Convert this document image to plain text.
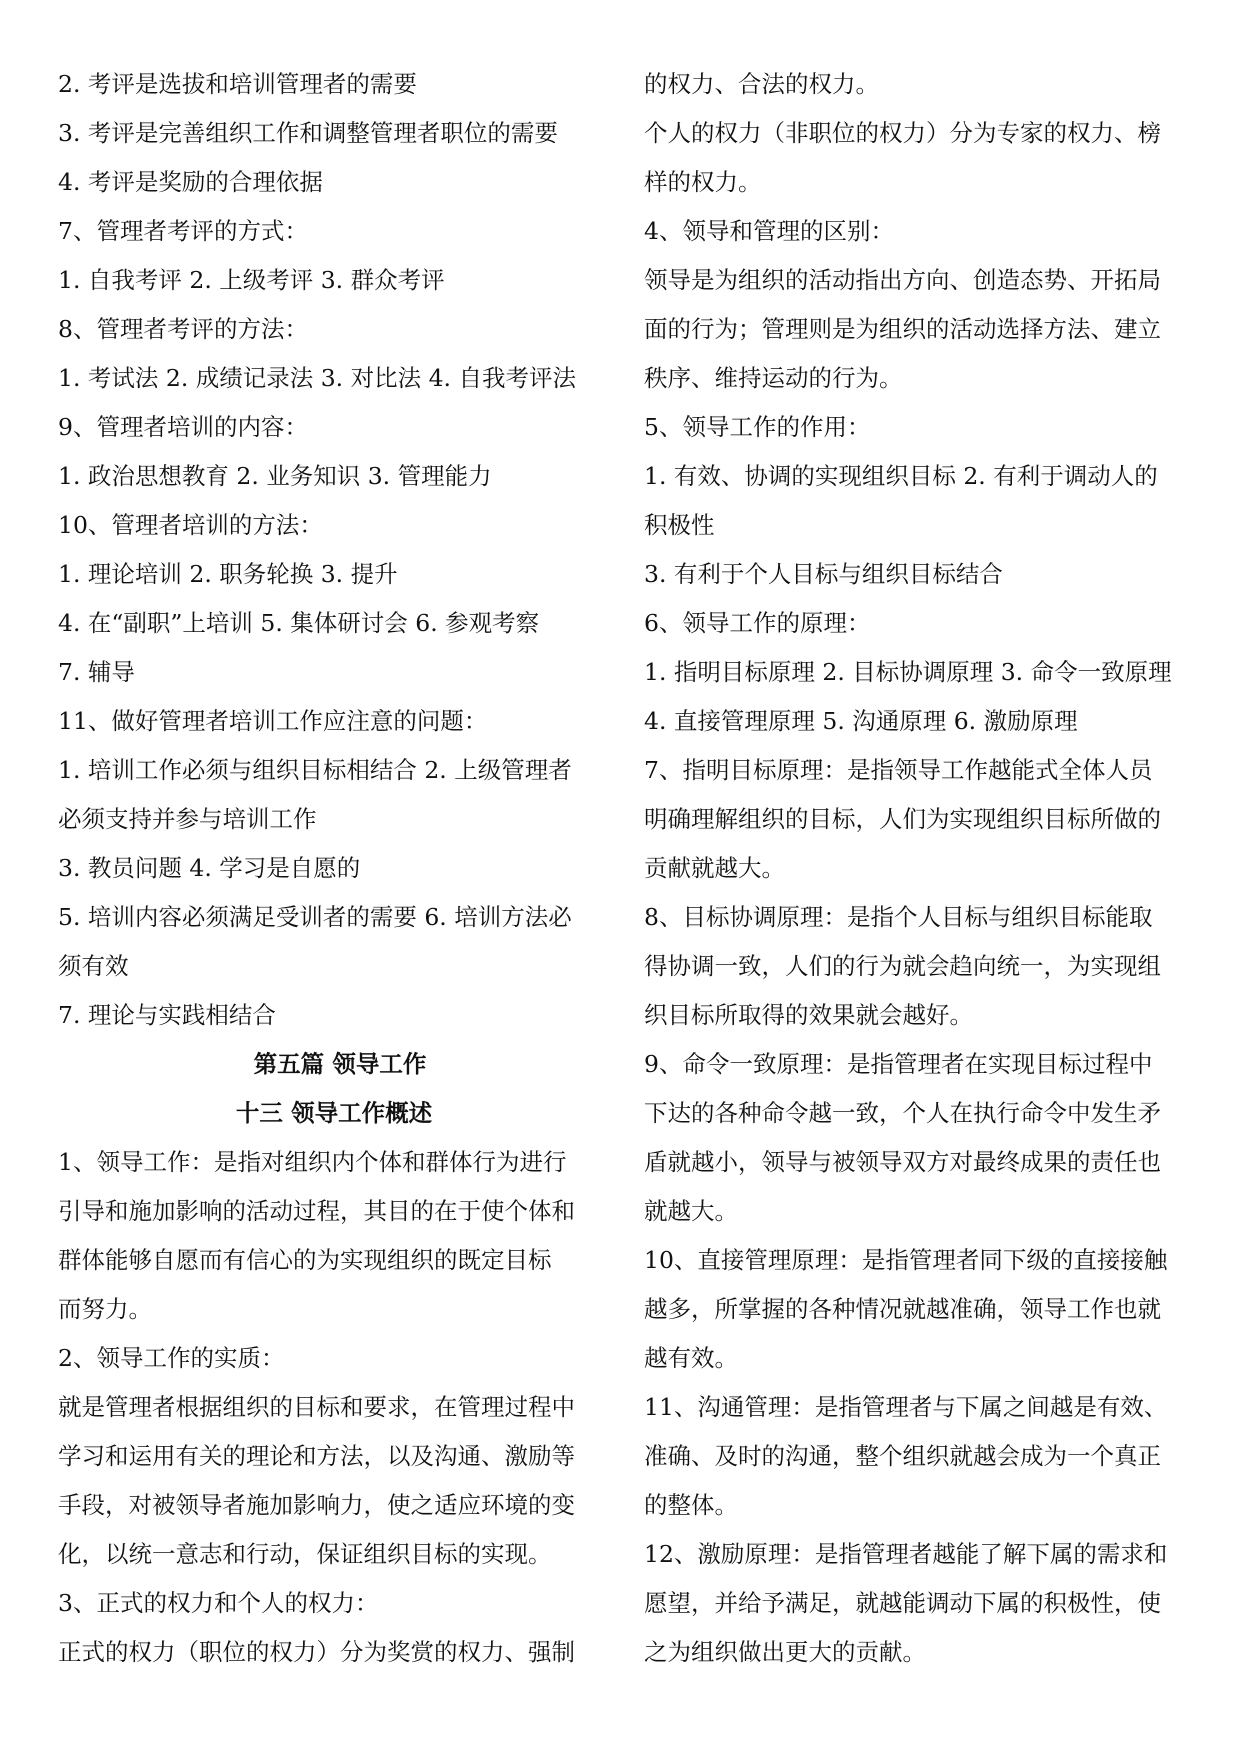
2. 考评是选拔和培训管理者的需要
3. 考评是完善组织工作和调整管理者职位的需要
4. 考评是奖励的合理依据
7、管理者考评的方式：
1. 自我考评 2. 上级考评 3. 群众考评
8、管理者考评的方法：
1. 考试法 2. 成绩记录法 3. 对比法 4. 自我考评法
9、管理者培训的内容：
1. 政治思想教育 2. 业务知识 3. 管理能力
10、管理者培训的方法：
1. 理论培训 2. 职务轮换 3. 提升
4. 在“副职”上培训 5. 集体研讨会 6. 参观考察
7. 辅导
11、做好管理者培训工作应注意的问题：
1. 培训工作必须与组织目标相结合 2. 上级管理者
必须支持并参与培训工作
3. 教员问题 4. 学习是自愿的
5. 培训内容必须满足受训者的需要 6. 培训方法必
须有效
7. 理论与实践相结合
第五篇 领导工作
十三 领导工作概述
1、领导工作：是指对组织内个体和群体行为进行
引导和施加影响的活动过程，其目的在于使个体和
群体能够自愿而有信心的为实现组织的既定目标
而努力。
2、领导工作的实质：
就是管理者根据组织的目标和要求，在管理过程中
学习和运用有关的理论和方法，以及沟通、激励等
手段，对被领导者施加影响力，使之适应环境的变
化，以统一意志和行动，保证组织目标的实现。
3、正式的权力和个人的权力：
正式的权力（职位的权力）分为奖赏的权力、强制
的权力、合法的权力。
个人的权力（非职位的权力）分为专家的权力、榜
样的权力。
4、领导和管理的区别：
领导是为组织的活动指出方向、创造态势、开拓局
面的行为；管理则是为组织的活动选择方法、建立
秩序、维持运动的行为。
5、领导工作的作用：
1. 有效、协调的实现组织目标 2. 有利于调动人的
积极性
3. 有利于个人目标与组织目标结合
6、领导工作的原理：
1. 指明目标原理 2. 目标协调原理 3. 命令一致原理
4. 直接管理原理 5. 沟通原理 6. 激励原理
7、指明目标原理：是指领导工作越能式全体人员
明确理解组织的目标，人们为实现组织目标所做的
贡献就越大。
8、目标协调原理：是指个人目标与组织目标能取
得协调一致，人们的行为就会趋向统一，为实现组
织目标所取得的效果就会越好。
9、命令一致原理：是指管理者在实现目标过程中
下达的各种命令越一致，个人在执行命令中发生矛
盾就越小，领导与被领导双方对最终成果的责任也
就越大。
10、直接管理原理：是指管理者同下级的直接接触
越多，所掌握的各种情况就越准确，领导工作也就
越有效。
11、沟通管理：是指管理者与下属之间越是有效、
准确、及时的沟通，整个组织就越会成为一个真正
的整体。
12、激励原理：是指管理者越能了解下属的需求和
愿望，并给予满足，就越能调动下属的积极性，使
之为组织做出更大的贡献。
